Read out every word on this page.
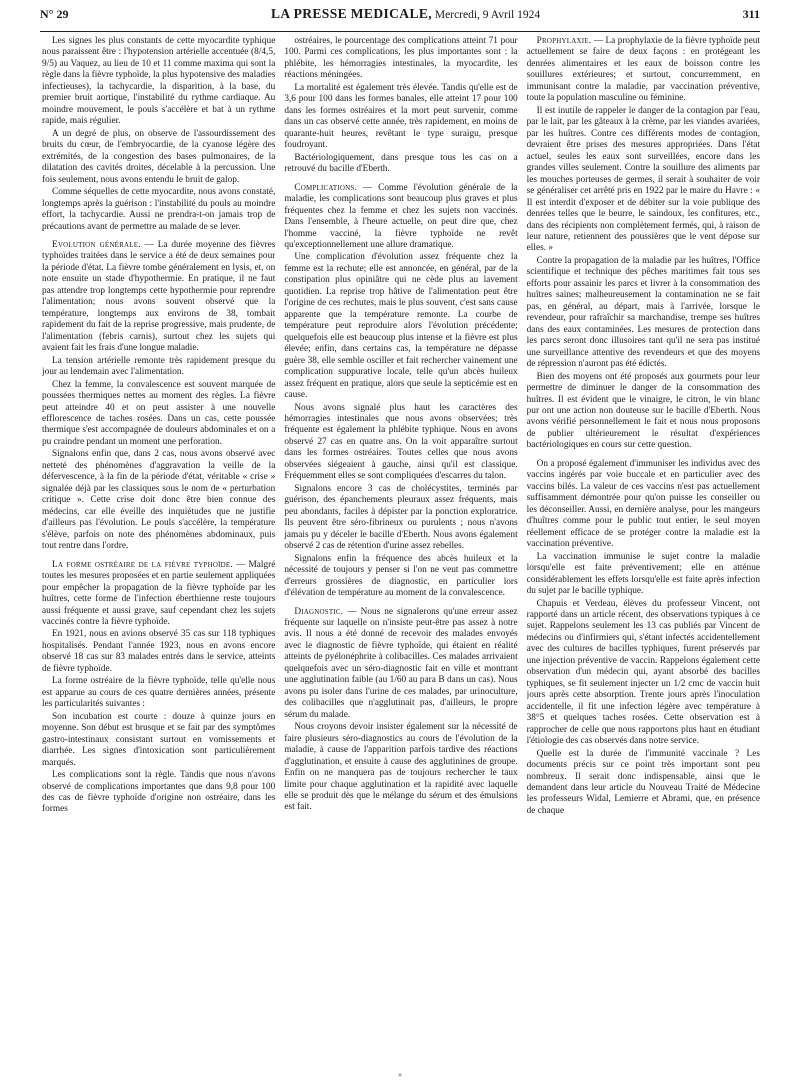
N° 29	LA PRESSE MEDICALE, Mercredi, 9 Avril 1924	311

Les signes les plus constants de cette myocardite typhique nous paraissent être : l'hypotension artérielle accentuée (8/4,5, 9/5) au Vaquez, au lieu de 10 et 11 comme maxima qui sont la règle dans la fièvre typhoïde, la plus hypotensive des maladies infectieuses), la tachycardie, la disparition, à la base, du premier bruit aortique, l'instabilité du rythme cardiaque. Au moindre mouvement, le pouls s'accélère et bat à un rythme rapide, mais régulier.

A un degré de plus, on observe de l'assourdissement des bruits du cœur, de l'embryocardie, de la cyanose légère des extrémités, de la congestion des bases pulmonaires, de la dilatation des cavités droites, décelable à la percussion. Une fois seulement, nous avons entendu le bruit de galop.

Comme séquelles de cette myocardite, nous avons constaté, longtemps après la guérison : l'instabilité du pouls au moindre effort, la tachycardie. Aussi ne prendra-t-on jamais trop de précautions avant de permettre au malade de se lever.

Evolution générale. — La durée moyenne des fièvres typhoïdes traitées dans le service a été de deux semaines pour la période d'état. La fièvre tombe généralement en lysis, et, on note ensuite un stade d'hypothermie. En pratique, il ne faut pas attendre trop longtemps cette hypothermie pour reprendre l'alimentation; nous avons souvent observé que la température, longtemps aux environs de 38, tombait rapidement du fait de la reprise progressive, mais prudente, de l'alimentation (febris carnis), surtout chez les sujets qui avaient fait les frais d'une longue maladie.

La tension artérielle remonte très rapidement presque du jour au lendemain avec l'alimentation.

Chez la femme, la convalescence est souvent marquée de poussées thermiques nettes au moment des règles. La fièvre peut atteindre 40 et on peut assister à une nouvelle efflorescence de taches rosées. Dans un cas, cette poussée thermique s'est accompagnée de douleurs abdominales et on a pu craindre pendant un moment une perforation.

Signalons enfin que, dans 2 cas, nous avons observé avec netteté des phénomènes d'aggravation la veille de la défervescence, à la fin de la période d'état, véritable « crise » signalée déjà par les classiques sous le nom de « perturbation critique ». Cette crise doit donc être bien connue des médecins, car elle éveille des inquiétudes que ne justifie d'ailleurs pas l'évolution. Le pouls s'accélère, la température s'élève, parfois on note des phénomènes abdominaux, puis tout rentre dans l'ordre.

La forme ostréaire de la fièvre typhoïde. — Malgré toutes les mesures proposées et en partie seulement appliquées pour empêcher la propagation de la fièvre typhoïde par les huîtres, cette forme de l'infection éberthienne reste toujours aussi fréquente et aussi grave, sauf cependant chez les sujets vaccinés contre la fièvre typhoïde.

En 1921, nous en avions observé 35 cas sur 118 typhiques hospitalisés. Pendant l'année 1923, nous en avons encore observé 18 cas sur 83 malades entrés dans le service, atteints de fièvre typhoïde.

La forme ostréaire de la fièvre typhoïde, telle qu'elle nous est apparue au cours de ces quatre dernières années, présente les particularités suivantes :

Son incubation est courte : douze à quinze jours en moyenne. Son début est brusque et se fait par des symptômes gastro-intestinaux consistant surtout en vomissements et diarrhée. Les signes d'intoxication sont particulièrement marqués.

Les complications sont la règle. Tandis que nous n'avons observé de complications importantes que dans 9,8 pour 100 des cas de fièvre typhoïde d'origine non ostréaire, dans les formes

ostréaires, le pourcentage des complications atteint 71 pour 100. Parmi ces complications, les plus importantes sont : la phlébite, les hémorragies intestinales, la myocardite, les réactions méningées.

La mortalité est également très élevée. Tandis qu'elle est de 3,6 pour 100 dans les formes banales, elle atteint 17 pour 100 dans les formes ostréaires et la mort peut survenir, comme dans un cas observé cette année, très rapidement, en moins de quarante-huit heures, revêtant le type suraigu, presque foudroyant.

Bactériologiquement, dans presque tous les cas on a retrouvé du bacille d'Eberth.

Complications. — Comme l'évolution générale de la maladie, les complications sont beaucoup plus graves et plus fréquentes chez la femme et chez les sujets non vaccinés. Dans l'ensemble, à l'heure actuelle, on peut dire que, chez l'homme vacciné, la fièvre typhoïde ne revêt qu'exceptionnellement une allure dramatique.

Une complication d'évolution assez fréquente chez la femme est la rechute; elle est annoncée, en général, par de la constipation plus opiniâtre qui ne cède plus au lavement quotidien. La reprise trop hâtive de l'alimentation peut être l'origine de ces rechutes, mais le plus souvent, c'est sans cause apparente que la température remonte. La courbe de température peut reproduire alors l'évolution précédente; quelquefois elle est beaucoup plus intense et la fièvre est plus élevée; enfin, dans certains cas, la température ne dépasse guère 38, elle semble osciller et fait rechercher vainement une complication suppurative locale, telle qu'un abcès huileux assez fréquent en pratique, alors que seule la septicémie est en cause.

Nous avons signalé plus haut les caractères des hémorragies intestinales que nous avons observées; très fréquente est également la phlébite typhique. Nous en avons observé 27 cas en quatre ans. On la voit apparaître surtout dans les formes ostréaires. Toutes celles que nous avons observées siégeaient à gauche, ainsi qu'il est classique. Fréquemment elles se sont compliquées d'escarres du talon.

Signalons encore 3 cas de cholécystites, terminés par guérison, des épanchements pleuraux assez fréquents, mais peu abondants, faciles à dépister par la ponction exploratrice. Ils peuvent être séro-fibrineux ou purulents ; nous n'avons jamais pu y déceler le bacille d'Eberth. Nous avons également observé 2 cas de rétention d'urine assez rebelles.

Signalons enfin la fréquence des abcès huileux et la nécessité de toujours y penser si l'on ne veut pas commettre d'erreurs grossières de diagnostic, en particulier lors d'élévation de température au moment de la convalescence.

Diagnostic. — Nous ne signalerons qu'une erreur assez fréquente sur laquelle on n'insiste peut-être pas assez à notre avis. Il nous a été donné de recevoir des malades envoyés avec le diagnostic de fièvre typhoïde, qui étaient en réalité atteints de pyélonéphrite à colibacilles. Ces malades arrivaient quelquefois avec un séro-diagnostic fait en ville et montrant une agglutination faible (au 1/60 au para B dans un cas). Nous avons pu isoler dans l'urine de ces malades, par urinoculture, des colibacilles que n'agglutinait pas, d'ailleurs, le propre sérum du malade.

Nous croyons devoir insister également sur la nécessité de faire plusieurs séro-diagnostics au cours de l'évolution de la maladie, à cause de l'apparition parfois tardive des réactions d'agglutination, et ensuite à cause des agglutinines de groupe. Enfin on ne manquera pas de toujours rechercher le taux limite pour chaque agglutination et la rapidité avec laquelle elle se produit dès que le mélange du sérum et des émulsions est fait.

Prophylaxie. — La prophylaxie de la fièvre typhoïde peut actuellement se faire de deux façons : en protégeant les denrées alimentaires et les eaux de boisson contre les souillures extérieures; et surtout, concurremment, en immunisant contre la maladie, par vaccination préventive, toute la population masculine ou féminine.

Il est inutile de rappeler le danger de la contagion par l'eau, par le lait, par les gâteaux à la crème, par les viandes avariées, par les huîtres. Contre ces différents modes de contagion, devraient être prises des mesures appropriées. Dans l'état actuel, seules les eaux sont surveillées, encore dans les grandes villes seulement. Contre la souillure des aliments par les mouches porteuses de germes, il serait à souhaiter de voir se généraliser cet arrêté pris en 1922 par le maire du Havre : « Il est interdit d'exposer et de débiter sur la voie publique des denrées telles que le beurre, le saindoux, les confitures, etc., dans des récipients non complètement fermés, qui, à raison de leur nature, retiennent des poussières que le vent dépose sur elles. »

Contre la propagation de la maladie par les huîtres, l'Office scientifique et technique des pêches maritimes fait tous ses efforts pour assainir les parcs et livrer à la consommation des huîtres saines; malheureusement la contamination ne se fait pas, en général, au départ, mais à l'arrivée, lorsque le revendeur, pour rafraîchir sa marchandise, trempe ses huîtres dans des eaux contaminées. Les mesures de protection dans les parcs seront donc illusoires tant qu'il ne sera pas institué une surveillance attentive des revendeurs et que des moyens de répression n'auront pas été édictés.

Bien des moyens ont été proposés aux gourmets pour leur permettre de diminuer le danger de la consommation des huîtres. Il est évident que le vinaigre, le citron, le vin blanc pur ont une action non douteuse sur le bacille d'Eberth. Nous avons vérifié personnellement le fait et nous nous proposons de publier ultérieurement le résultat d'expériences bactériologiques en cours sur cette question.

On a proposé également d'immuniser les individus avec des vaccins ingérés par voie buccale et en particulier avec des vaccins bilés. La valeur de ces vaccins n'est pas actuellement suffisamment démontrée pour qu'on puisse les conseiller ou les déconseiller. Aussi, en dernière analyse, pour les mangeurs d'huîtres comme pour le public tout entier, le seul moyen réellement efficace de se protéger contre la maladie est la vaccination préventive.

La vaccination immunise le sujet contre la maladie lorsqu'elle est faite préventivement; elle en atténue considérablement les effets lorsqu'elle est faite après infection du sujet par le bacille typhique.

Chapuis et Verdeau, élèves du professeur Vincent, ont rapporté dans un article récent, des observations typiques à ce sujet. Rappelons seulement les 13 cas publiés par Vincent de médecins ou d'infirmiers qui, s'étant infectés accidentellement avec des cultures de bacilles typhiques, furent préservés par une injection préventive de vaccin. Rappelons également cette observation d'un médecin qui, ayant absorbé des bacilles typhiques, se fit seulement injecter un 1/2 cmc de vaccin huit jours après cette absorption. Trente jours après l'inoculation accidentelle, il fit une infection légère avec température à 38°5 et quelques taches rosées. Cette observation est à rapprocher de celle que nous rapportons plus haut en étudiant l'étiologie des cas observés dans notre service.

Quelle est la durée de l'immunité vaccinale ? Les documents précis sur ce point très important sont peu nombreux. Il serait donc indispensable, ainsi que le demandent dans leur article du Nouveau Traité de Médecine les professeurs Widal, Lemierre et Abrami, que, en présence de chaque

»
